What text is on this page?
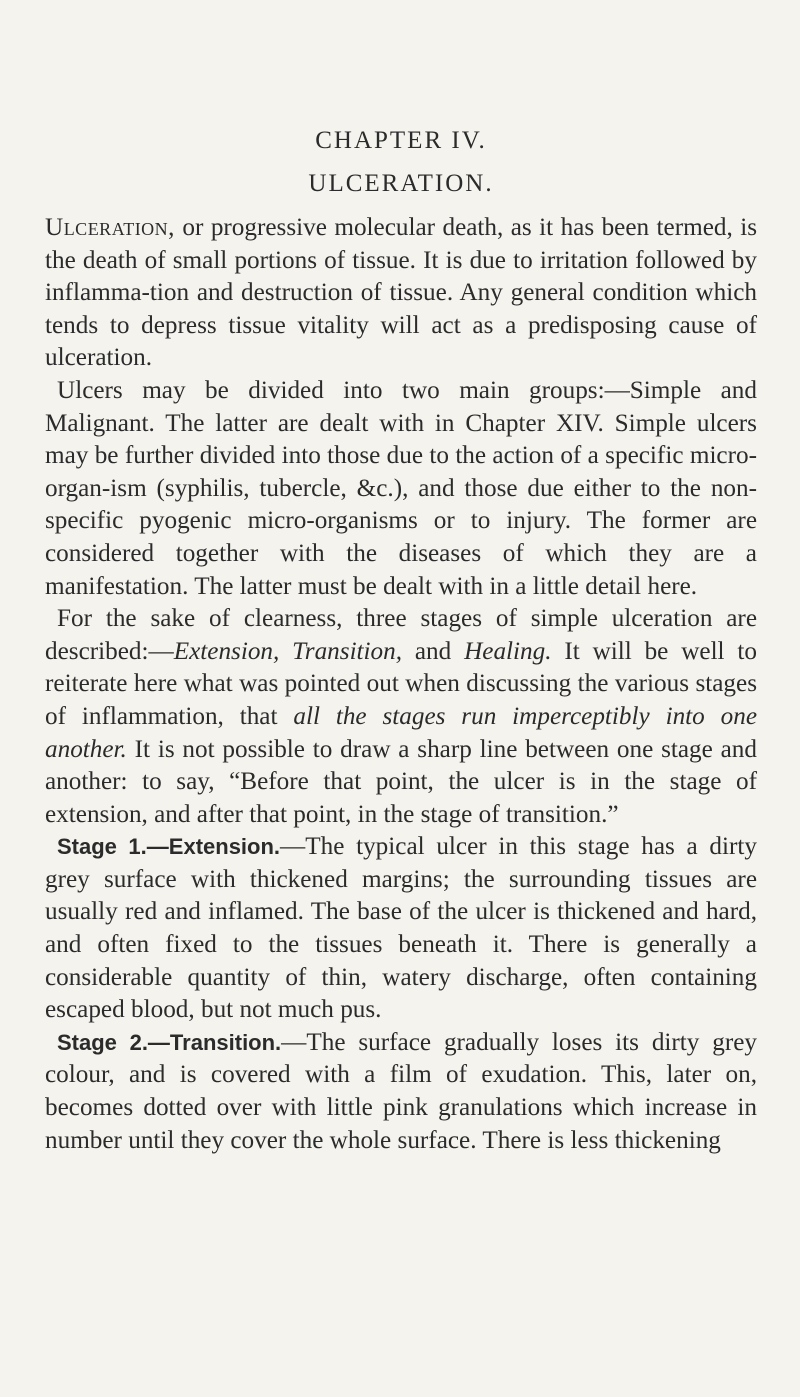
CHAPTER IV.
ULCERATION.

Ulceration, or progressive molecular death, as it has been termed, is the death of small portions of tissue. It is due to irritation followed by inflamma-tion and destruction of tissue. Any general condition which tends to depress tissue vitality will act as a predisposing cause of ulceration.

Ulcers may be divided into two main groups:—Simple and Malignant. The latter are dealt with in Chapter XIV. Simple ulcers may be further divided into those due to the action of a specific micro-organ-ism (syphilis, tubercle, &c.), and those due either to the non-specific pyogenic micro-organisms or to injury. The former are considered together with the diseases of which they are a manifestation. The latter must be dealt with in a little detail here.

For the sake of clearness, three stages of simple ulceration are described:—Extension, Transition, and Healing. It will be well to reiterate here what was pointed out when discussing the various stages of inflammation, that all the stages run imperceptibly into one another. It is not possible to draw a sharp line between one stage and another: to say, “Before that point, the ulcer is in the stage of extension, and after that point, in the stage of transition.”

Stage 1.—Extension.—The typical ulcer in this stage has a dirty grey surface with thickened margins; the surrounding tissues are usually red and inflamed. The base of the ulcer is thickened and hard, and often fixed to the tissues beneath it. There is generally a considerable quantity of thin, watery discharge, often containing escaped blood, but not much pus.

Stage 2.—Transition.—The surface gradually loses its dirty grey colour, and is covered with a film of exudation. This, later on, becomes dotted over with little pink granulations which increase in number until they cover the whole surface. There is less thickening
